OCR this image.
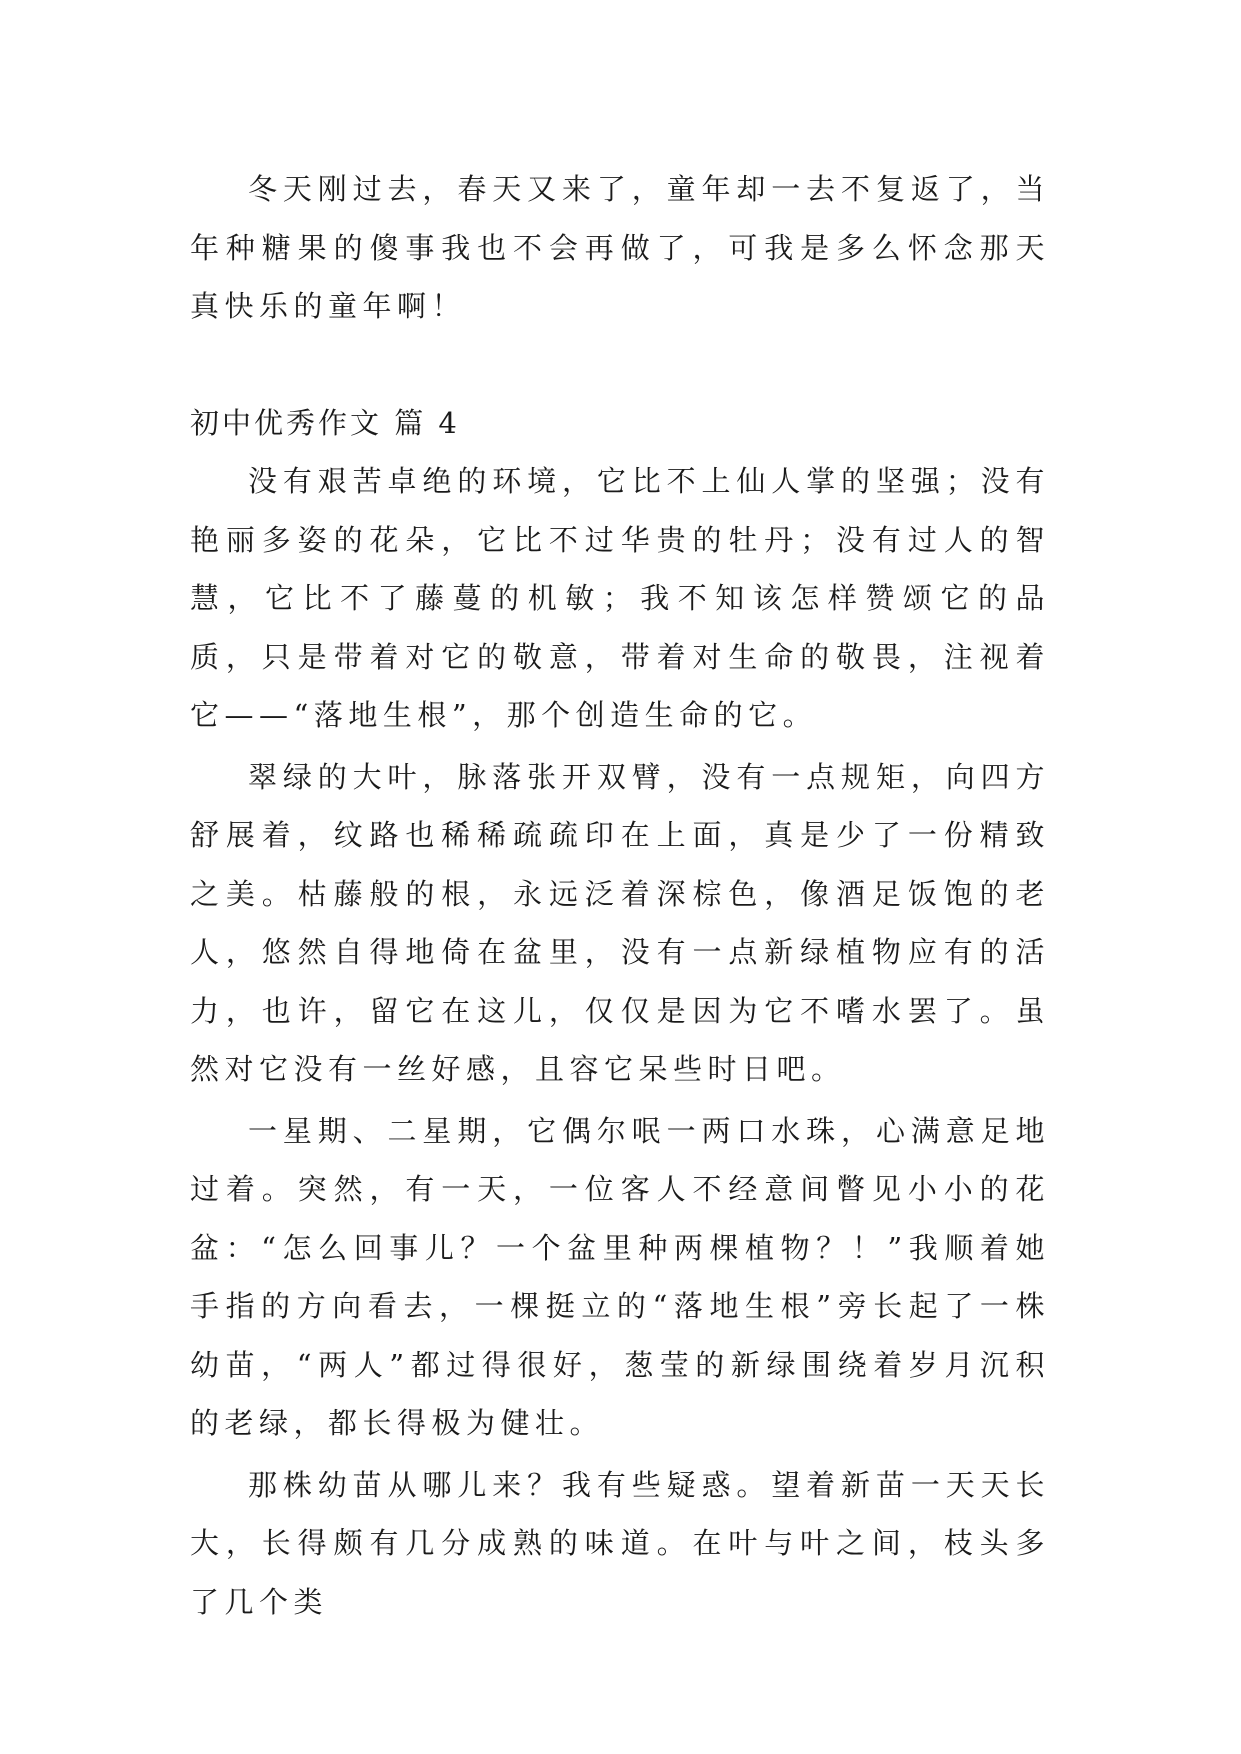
冬天刚过去，春天又来了，童年却一去不复返了，当年种糖果的傻事我也不会再做了，可我是多么怀念那天真快乐的童年啊！

初中优秀作文 篇 4

没有艰苦卓绝的环境，它比不上仙人掌的坚强；没有艳丽多姿的花朵，它比不过华贵的牡丹；没有过人的智慧，它比不了藤蔓的机敏；我不知该怎样赞颂它的品质，只是带着对它的敬意，带着对生命的敬畏，注视着它——“落地生根”，那个创造生命的它。

翠绿的大叶，脉落张开双臂，没有一点规矩，向四方舒展着，纹路也稀稀疏疏印在上面，真是少了一份精致之美。枯藤般的根，永远泛着深棕色，像酒足饭饱的老人，悠然自得地倚在盆里，没有一点新绿植物应有的活力，也许，留它在这儿，仅仅是因为它不嗜水罢了。虽然对它没有一丝好感，且容它呆些时日吧。

一星期、二星期，它偶尔呡一两口水珠，心满意足地过着。突然，有一天，一位客人不经意间瞥见小小的花盆：“怎么回事儿？一个盆里种两棵植物？！”我顺着她手指的方向看去，一棵挺立的“落地生根”旁长起了一株幼苗，“两人”都过得很好，葱莹的新绿围绕着岁月沉积的老绿，都长得极为健壮。

那株幼苗从哪儿来？我有些疑惑。望着新苗一天天长大，长得颇有几分成熟的味道。在叶与叶之间，枝头多了几个类
